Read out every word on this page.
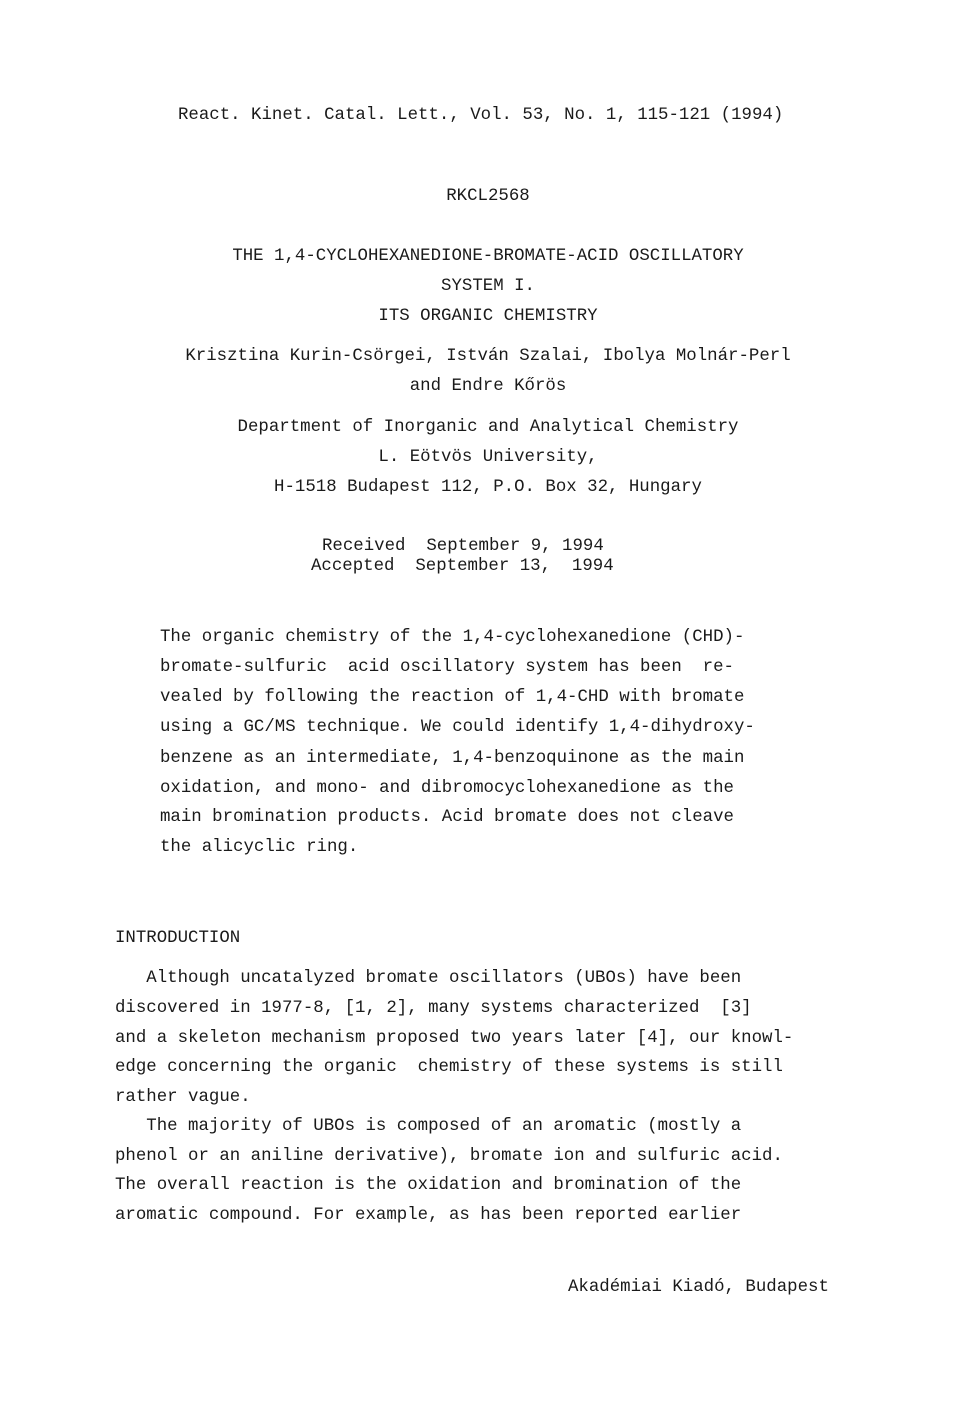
React. Kinet. Catal. Lett., Vol. 53, No. 1, 115-121 (1994)

RKCL2568

THE 1,4-CYCLOHEXANEDIONE-BROMATE-ACID OSCILLATORY

SYSTEM I.

ITS ORGANIC CHEMISTRY

Krisztina Kurin-Csörgei, István Szalai, Ibolya Molnár-Perl

and Endre Kőrös

Department of Inorganic and Analytical Chemistry

L. Eötvös University,

H-1518 Budapest 112, P.O. Box 32, Hungary

Received  September 9, 1994

Accepted  September 13,  1994

The organic chemistry of the 1,4-cyclohexanedione (CHD)-

bromate-sulfuric  acid oscillatory system has been  re-

vealed by following the reaction of 1,4-CHD with bromate

using a GC/MS technique. We could identify 1,4-dihydroxy-

benzene as an intermediate, 1,4-benzoquinone as the main

oxidation, and mono- and dibromocyclohexanedione as the

main bromination products. Acid bromate does not cleave

the alicyclic ring.

INTRODUCTION

Although uncatalyzed bromate oscillators (UBOs) have been

discovered in 1977-8, [1, 2], many systems characterized  [3]

and a skeleton mechanism proposed two years later [4], our knowl-

edge concerning the organic  chemistry of these systems is still

rather vague.

The majority of UBOs is composed of an aromatic (mostly a

phenol or an aniline derivative), bromate ion and sulfuric acid.

The overall reaction is the oxidation and bromination of the

aromatic compound. For example, as has been reported earlier

Akadémiai Kiadó, Budapest
